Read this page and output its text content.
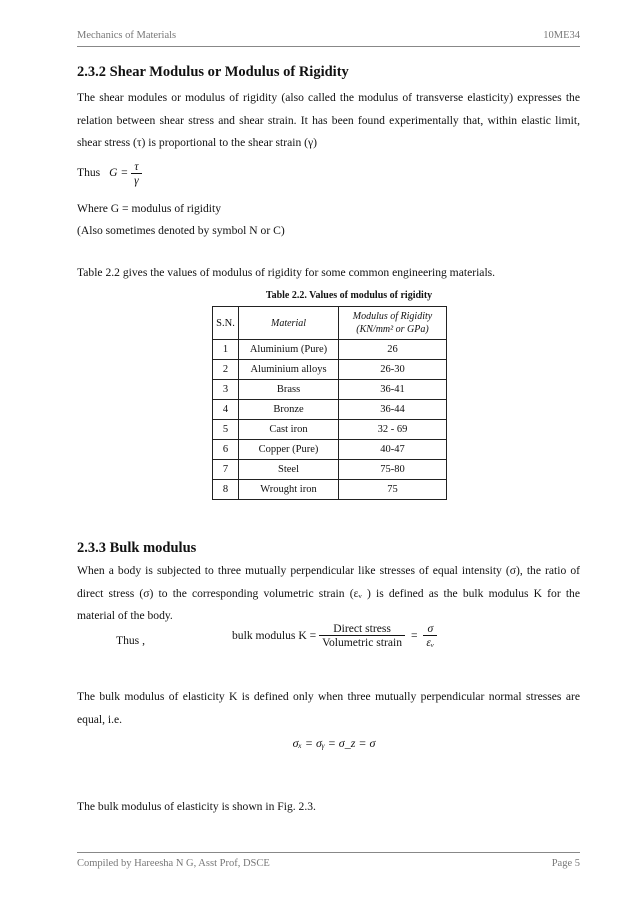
Mechanics of Materials	10ME34
2.3.2 Shear Modulus or Modulus of Rigidity
The shear modules or modulus of rigidity (also called the modulus of transverse elasticity) expresses the relation between shear stress and shear strain. It has been found experimentally that, within elastic limit, shear stress (τ) is proportional to the shear strain (γ)
Thus $G = \frac{\tau}{\gamma}$
Where G = modulus of rigidity
(Also sometimes denoted by symbol N or C)
Table 2.2 gives the values of modulus of rigidity for some common engineering materials.
Table 2.2. Values of modulus of rigidity
S.N.	Material	Modulus of Rigidity (KN/mm² or GPa)
1	Aluminium (Pure)	26
2	Aluminium alloys	26-30
3	Brass	36-41
4	Bronze	36-44
5	Cast iron	32 - 69
6	Copper (Pure)	40-47
7	Steel	75-80
8	Wrought iron	75
2.3.3 Bulk modulus
When a body is subjected to three mutually perpendicular like stresses of equal intensity (σ), the ratio of direct stress (σ) to the corresponding volumetric strain (εᵥ ) is defined as the bulk modulus K for the material of the body.
Thus ,	bulk modulus $K = \frac{\text{Direct stress}}{\text{Volumetric strain}} = \frac{\sigma}{\text{εᵥ}}$
The bulk modulus of elasticity K is defined only when three mutually perpendicular normal stresses are equal, i.e.
σₓ = σᵧ = σ_z = σ
The bulk modulus of elasticity is shown in Fig. 2.3.
Compiled by Hareesha N G, Asst Prof, DSCE	Page 5
